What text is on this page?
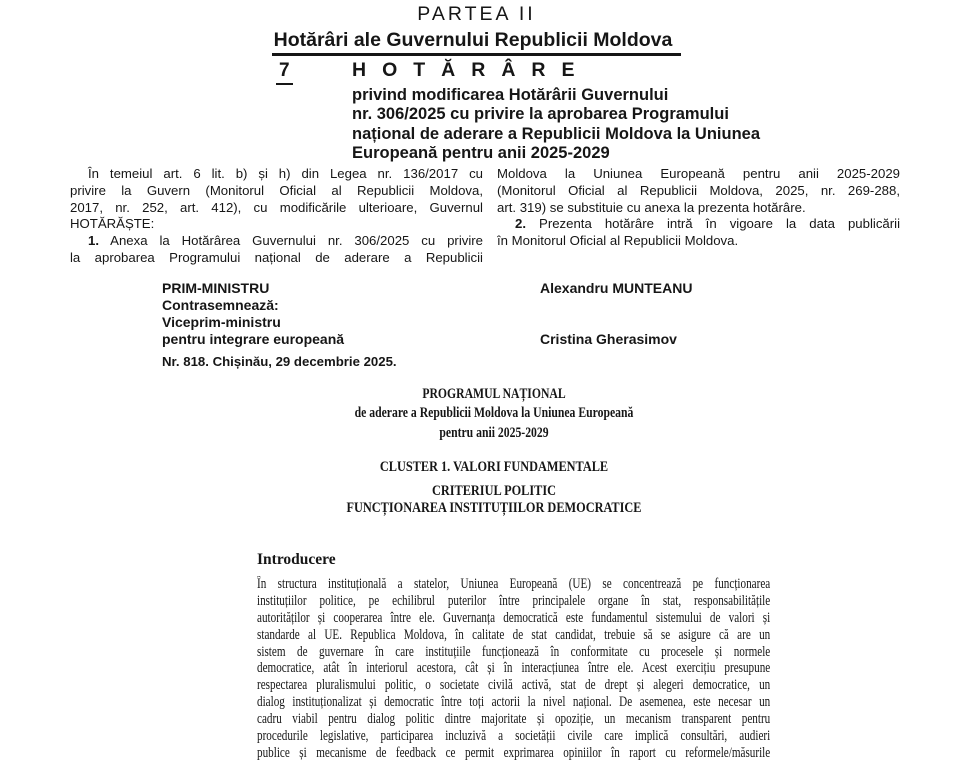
PARTEA II
Hotărâri ale Guvernului Republicii Moldova
7	HOTĂRÂRE
privind modificarea Hotărârii Guvernului
nr. 306/2025 cu privire la aprobarea Programului
național de aderare a Republicii Moldova la Uniunea
Europeană pentru anii 2025-2029
În temeiul art. 6 lit. b) și h) din Legea nr. 136/2017 cu
privire la Guvern (Monitorul Oficial al Republicii Moldova,
2017, nr. 252, art. 412), cu modificările ulterioare, Guvernul
HOTĂRĂȘTE:
1. Anexa la Hotărârea Guvernului nr. 306/2025 cu privire
la aprobarea Programului național de aderare a Republicii
Moldova la Uniunea Europeană pentru anii 2025-2029
(Monitorul Oficial al Republicii Moldova, 2025, nr. 269-288,
art. 319) se substituie cu anexa la prezenta hotărâre.
2. Prezenta hotărâre intră în vigoare la data publicării
în Monitorul Oficial al Republicii Moldova.
PRIM-MINISTRU	Alexandru MUNTEANU
Contrasemnează:
Viceprim-ministru
pentru integrare europeană	Cristina Gherasimov
Nr. 818. Chișinău, 29 decembrie 2025.
PROGRAMUL NAȚIONAL
de aderare a Republicii Moldova la Uniunea Europeană
pentru anii 2025-2029
CLUSTER 1. VALORI FUNDAMENTALE
CRITERIUL POLITIC
FUNCȚIONAREA INSTITUȚIILOR DEMOCRATICE
Introducere
În structura instituțională a statelor, Uniunea Europeană (UE) se concentrează pe funcționarea
instituțiilor politice, pe echilibrul puterilor între principalele organe în stat, responsabilitățile
autorităților și cooperarea între ele. Guvernanța democratică este fundamentul sistemului de valori și
standarde al UE. Republica Moldova, în calitate de stat candidat, trebuie să se asigure că are un
sistem de guvernare în care instituțiile funcționează în conformitate cu procesele și normele
democratice, atât în interiorul acestora, cât și în interacțiunea între ele. Acest exercițiu presupune
respectarea pluralismului politic, o societate civilă activă, stat de drept și alegeri democratice, un
dialog instituționalizat și democratic între toți actorii la nivel național. De asemenea, este necesar un
cadru viabil pentru dialog politic dintre majoritate și opoziție, un mecanism transparent pentru
procedurile legislative, participarea incluzivă a societății civile care implică consultări, audieri
publice și mecanisme de feedback ce permit exprimarea opiniilor în raport cu reformele/măsurile
